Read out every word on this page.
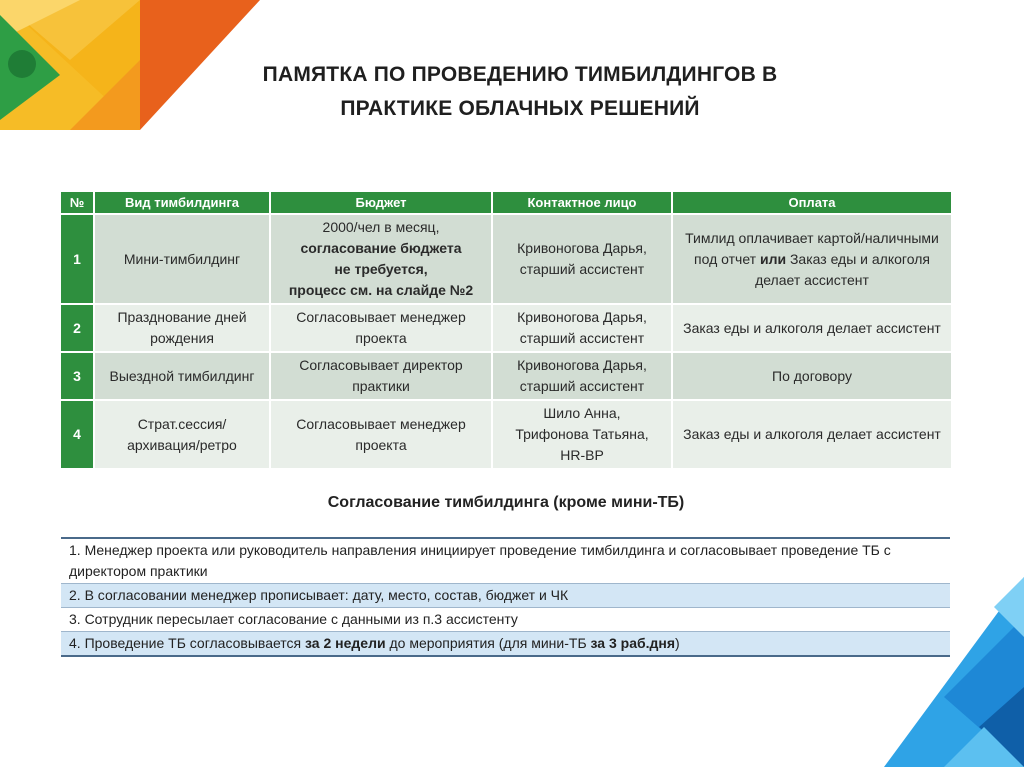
ПАМЯТКА ПО ПРОВЕДЕНИЮ ТИМБИЛДИНГОВ В
ПРАКТИКЕ ОБЛАЧНЫХ РЕШЕНИЙ
№	Вид тимбилдинга	Бюджет	Контактное лицо	Оплата
1	Мини-тимбилдинг	2000/чел в месяц,
согласование бюджета
не требуется,
процесс см. на слайде №2	Кривоногова Дарья, старший ассистент	Тимлид оплачивает картой/наличными под отчет или Заказ еды и алкоголя делает ассистент
2	Празднование дней рождения	Согласовывает менеджер проекта	Кривоногова Дарья, старший ассистент	Заказ еды и алкоголя делает ассистент
3	Выездной тимбилдинг	Согласовывает директор практики	Кривоногова Дарья, старший ассистент	По договору
4	Страт.сессия/ архивация/ретро	Согласовывает менеджер проекта	Шило Анна,
Трифонова Татьяна,
HR-BP	Заказ еды и алкоголя делает ассистент
Согласование тимбилдинга (кроме мини-ТБ)
1. Менеджер проекта или руководитель направления инициирует проведение тимбилдинга и согласовывает проведение ТБ с директором практики
2. В согласовании менеджер прописывает: дату, место, состав, бюджет и ЧК
3. Сотрудник пересылает согласование с данными из п.3 ассистенту
4. Проведение ТБ согласовывается за 2 недели до мероприятия (для мини-ТБ за 3 раб.дня)
